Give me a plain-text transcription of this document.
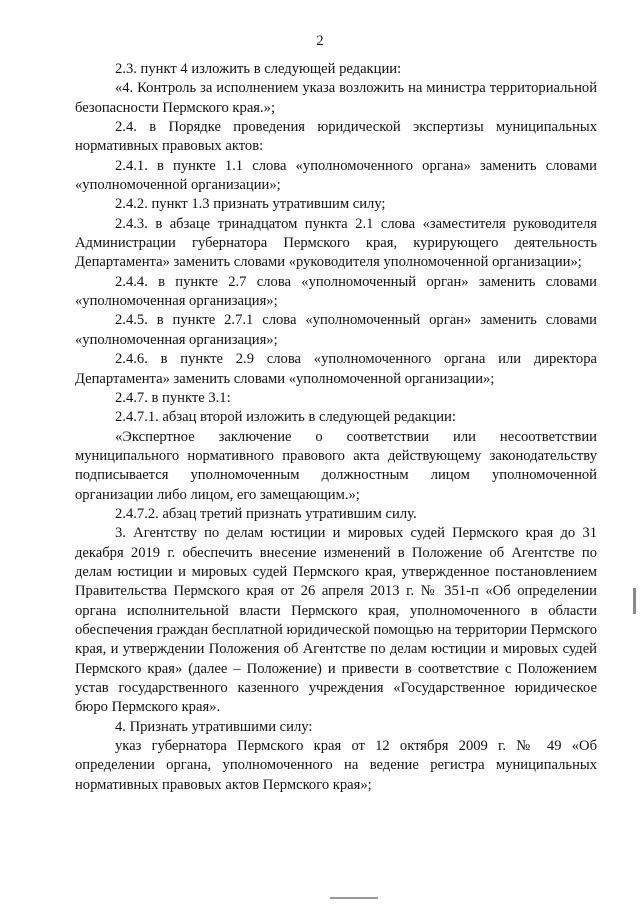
2

2.3. пункт 4 изложить в следующей редакции:

«4. Контроль за исполнением указа возложить на министра территориальной безопасности Пермского края.»;

2.4. в Порядке проведения юридической экспертизы муниципальных нормативных правовых актов:

2.4.1. в пункте 1.1 слова «уполномоченного органа» заменить словами «уполномоченной организации»;

2.4.2. пункт 1.3 признать утратившим силу;

2.4.3. в абзаце тринадцатом пункта 2.1 слова «заместителя руководителя Администрации губернатора Пермского края, курирующего деятельность Департамента» заменить словами «руководителя уполномоченной организации»;

2.4.4. в пункте 2.7 слова «уполномоченный орган» заменить словами «уполномоченная организация»;

2.4.5. в пункте 2.7.1 слова «уполномоченный орган» заменить словами «уполномоченная организация»;

2.4.6. в пункте 2.9 слова «уполномоченного органа или директора Департамента» заменить словами «уполномоченной организации»;

2.4.7. в пункте 3.1:

2.4.7.1. абзац второй изложить в следующей редакции:

«Экспертное заключение о соответствии или несоответствии муниципального нормативного правового акта действующему законодательству подписывается уполномоченным должностным лицом уполномоченной организации либо лицом, его замещающим.»;

2.4.7.2. абзац третий признать утратившим силу.

3. Агентству по делам юстиции и мировых судей Пермского края до 31 декабря 2019 г. обеспечить внесение изменений в Положение об Агентстве по делам юстиции и мировых судей Пермского края, утвержденное постановлением Правительства Пермского края от 26 апреля 2013 г. № 351-п «Об определении органа исполнительной власти Пермского края, уполномоченного в области обеспечения граждан бесплатной юридической помощью на территории Пермского края, и утверждении Положения об Агентстве по делам юстиции и мировых судей Пермского края» (далее – Положение) и привести в соответствие с Положением устав государственного казенного учреждения «Государственное юридическое бюро Пермского края».

4. Признать утратившими силу:

указ губернатора Пермского края от 12 октября 2009 г. № 49 «Об определении органа, уполномоченного на ведение регистра муниципальных нормативных правовых актов Пермского края»;
